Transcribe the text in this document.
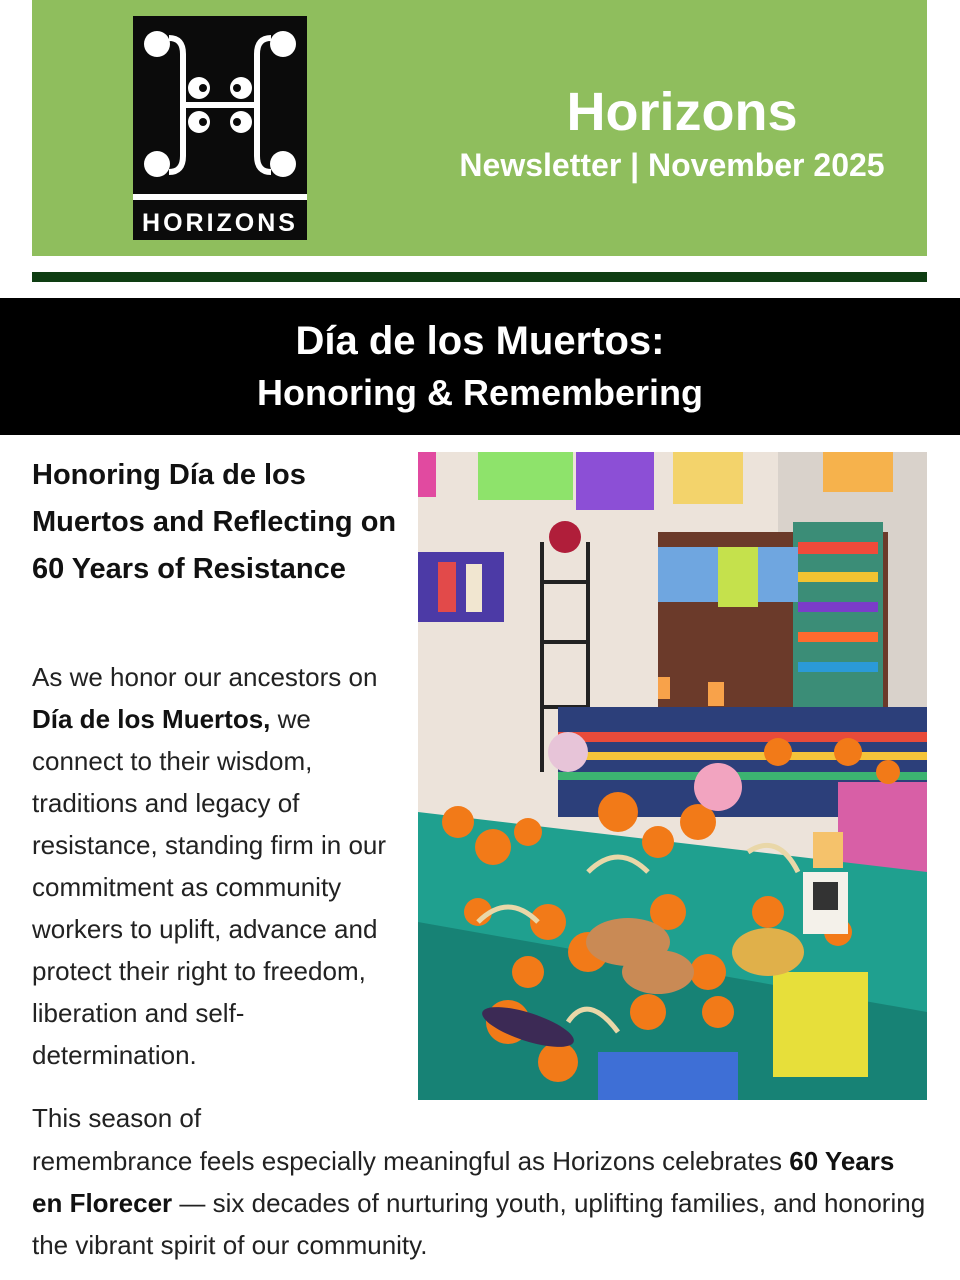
HORIZONS
Horizons
Newsletter | November 2025
Día de los Muertos:
Honoring & Remembering
Honoring Día de los Muertos and Reflecting on 60 Years of Resistance
As we honor our ancestors on Día de los Muertos, we connect to their wisdom, traditions and legacy of resistance, standing firm in our commitment as community workers to uplift, advance and protect their right to freedom, liberation and self-determination.
This season of
remembrance feels especially meaningful as Horizons celebrates 60 Years en Florecer — six decades of nurturing youth, uplifting families, and honoring the vibrant spirit of our community.
